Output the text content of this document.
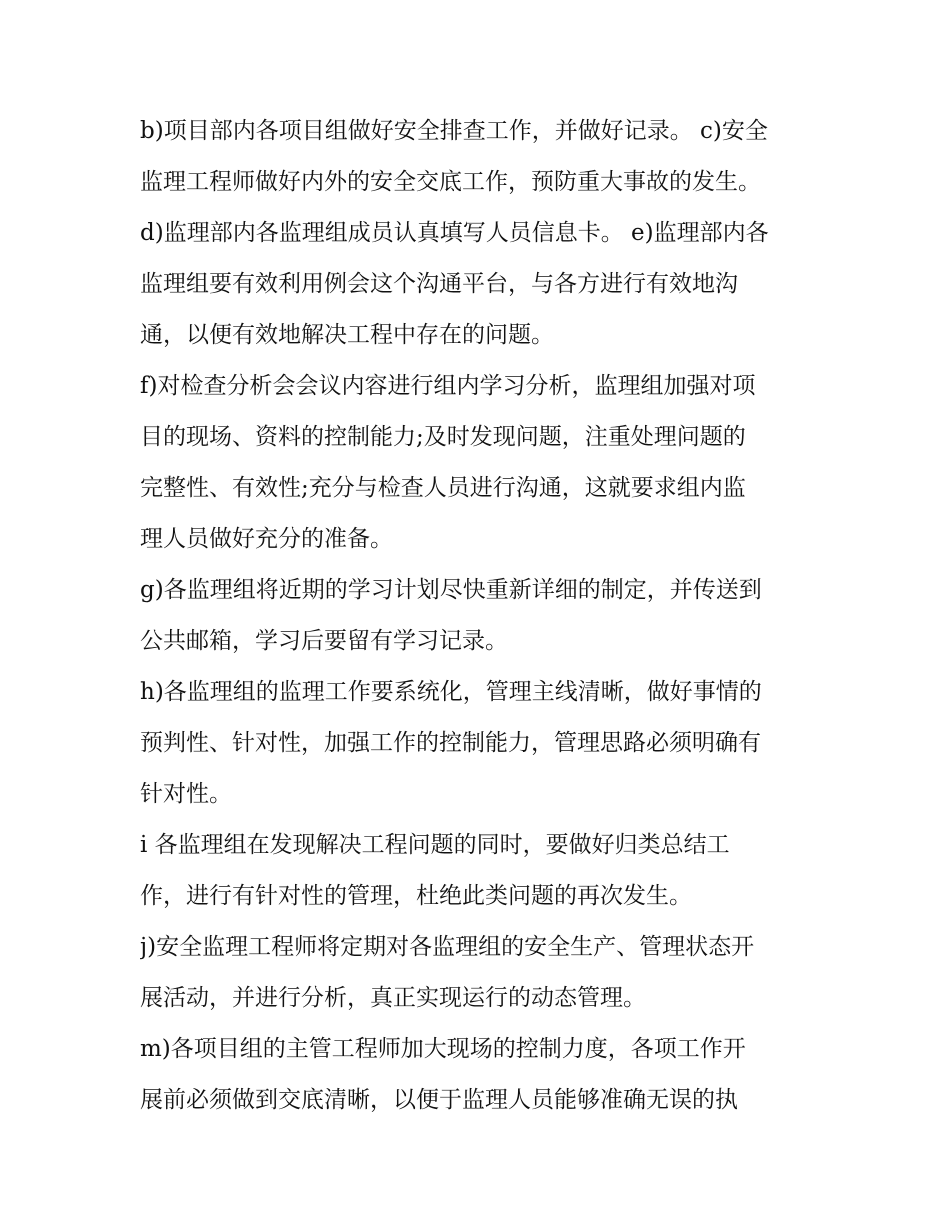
b)项目部内各项目组做好安全排查工作，并做好记录。 c)安全
监理工程师做好内外的安全交底工作，预防重大事故的发生。
d)监理部内各监理组成员认真填写人员信息卡。 e)监理部内各
监理组要有效利用例会这个沟通平台，与各方进行有效地沟
通，以便有效地解决工程中存在的问题。
f)对检查分析会会议内容进行组内学习分析，监理组加强对项
目的现场、资料的控制能力;及时发现问题，注重处理问题的
完整性、有效性;充分与检查人员进行沟通，这就要求组内监
理人员做好充分的准备。
g)各监理组将近期的学习计划尽快重新详细的制定，并传送到
公共邮箱，学习后要留有学习记录。
h)各监理组的监理工作要系统化，管理主线清晰，做好事情的
预判性、针对性，加强工作的控制能力，管理思路必须明确有
针对性。
i 各监理组在发现解决工程问题的同时，要做好归类总结工
作，进行有针对性的管理，杜绝此类问题的再次发生。
j)安全监理工程师将定期对各监理组的安全生产、管理状态开
展活动，并进行分析，真正实现运行的动态管理。
m)各项目组的主管工程师加大现场的控制力度，各项工作开
展前必须做到交底清晰，以便于监理人员能够准确无误的执
